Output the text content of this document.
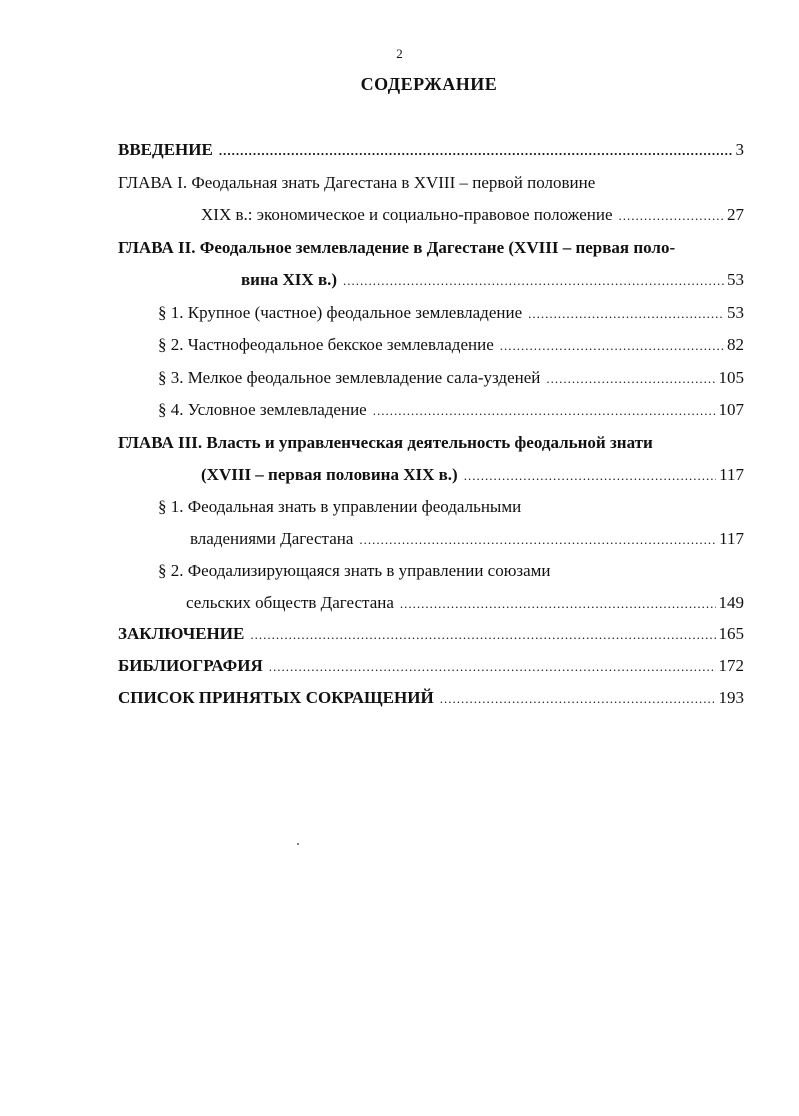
2
СОДЕРЖАНИЕ
ВВЕДЕНИЕ .....	3
ГЛАВА I. Феодальная знать Дагестана в XVIII – первой половине
XIX в.: экономическое и социально-правовое положение .....	27
ГЛАВА II. Феодальное землевладение в Дагестане (XVIII – первая поло-
вина XIX в.) .....	53
§ 1. Крупное (частное) феодальное землевладение .....	53
§ 2. Частнофеодальное бекское землевладение .....	82
§ 3. Мелкое феодальное землевладение сала-узденей .....	105
§ 4. Условное землевладение .....	107
ГЛАВА III. Власть и управленческая деятельность феодальной знати
(XVIII – первая половина XIX в.) .....	117
§ 1. Феодальная знать в управлении феодальными
владениями Дагестана .....	117
§ 2. Феодализирующаяся знать в управлении союзами
сельских обществ Дагестана .....	149
ЗАКЛЮЧЕНИЕ .....	165
БИБЛИОГРАФИЯ .....	172
СПИСОК ПРИНЯТЫХ СОКРАЩЕНИЙ .....	193
